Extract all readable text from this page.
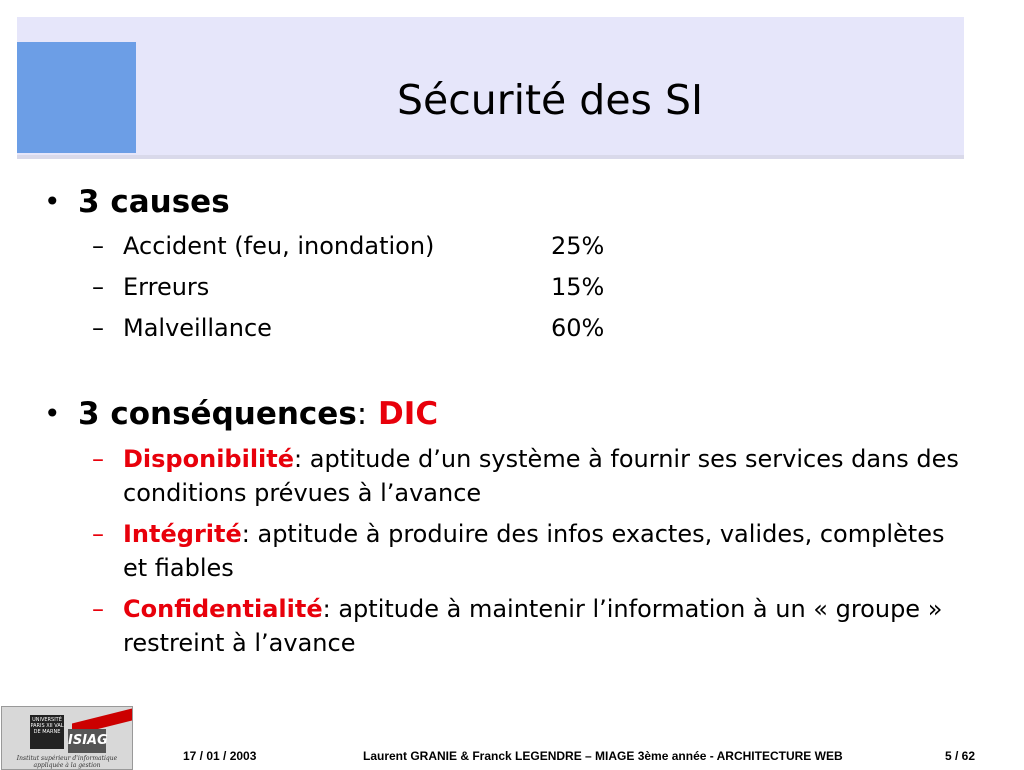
Sécurité des SI
• 3 causes
– Accident (feu, inondation)	25%
– Erreurs	15%
– Malveillance	60%
• 3 conséquences: DIC
– Disponibilité: aptitude d’un système à fournir ses services dans des conditions prévues à l’avance
– Intégrité: aptitude à produire des infos exactes, valides, complètes et fiables
– Confidentialité: aptitude à maintenir l’information à un « groupe » restreint à l’avance
UNIVERSITÉ PARIS XII VAL DE MARNE
ISIAG
Institut supérieur d'informatique appliquée à la gestion
17 / 01 / 2003	Laurent GRANIE & Franck LEGENDRE – MIAGE 3ème année - ARCHITECTURE WEB	5 / 62
